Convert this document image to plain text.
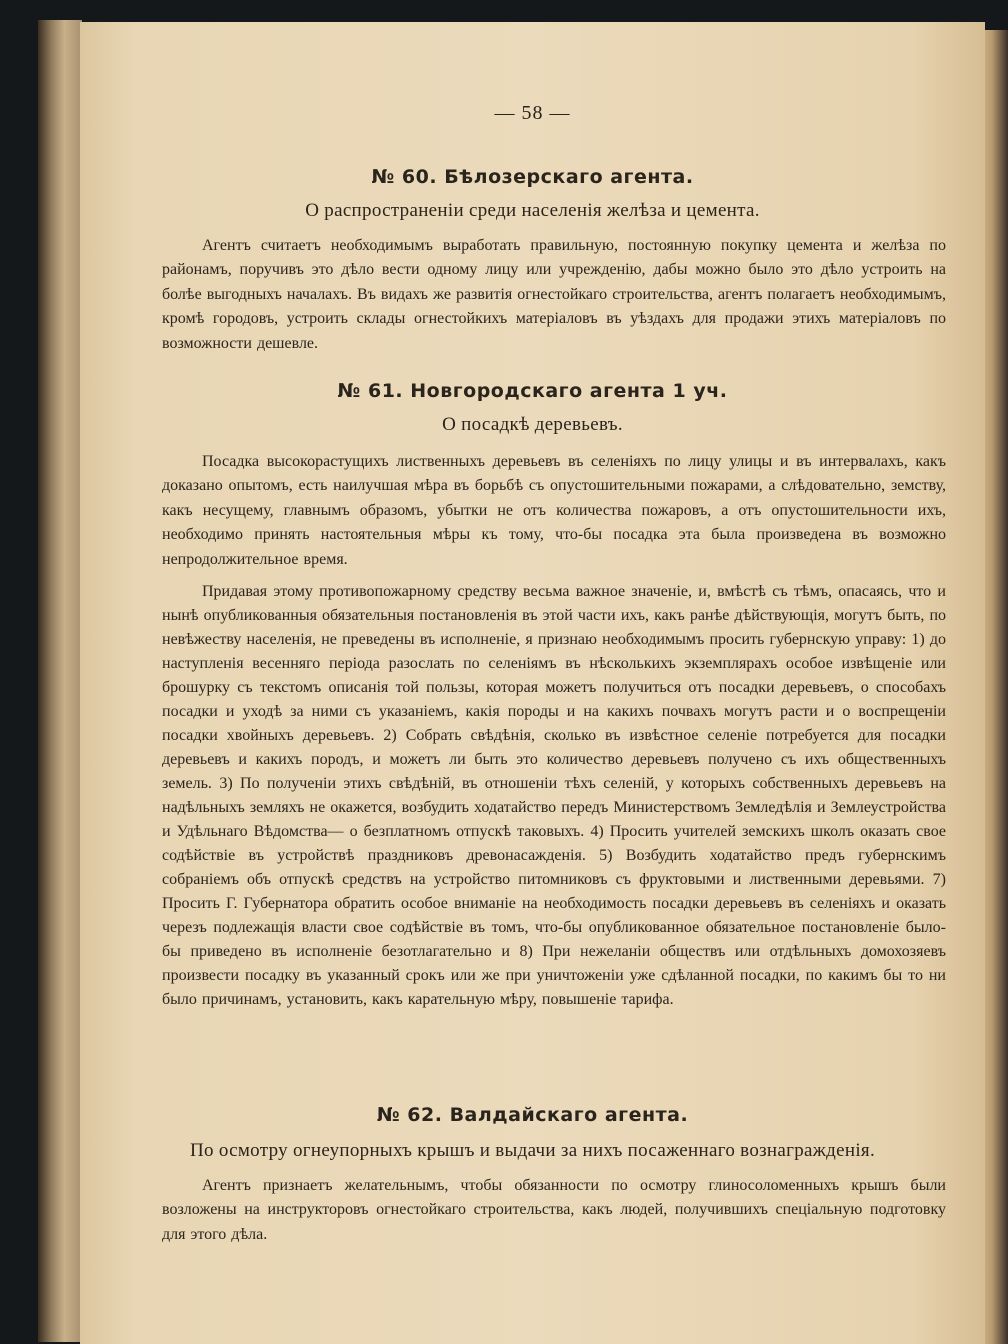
— 58 —
№ 60. Бѣлозерскаго агента.
О распространенiи среди населенiя желѣза и цемента.
Агентъ считаетъ необходимымъ выработать правильную, постоянную покупку цемента и желѣза по районамъ, поручивъ это дѣло вести одному лицу или учрежденiю, дабы можно было это дѣло устроить на болѣе выгодныхъ началахъ. Въ видахъ же развитiя огнестойкаго строительства, агентъ полагаетъ необходимымъ, кромѣ городовъ, устроить склады огнестойкихъ матерiаловъ въ уѣздахъ для продажи этихъ матерiаловъ по возможности дешевле.
№ 61. Новгородскаго агента 1 уч.
О посадкѣ деревьевъ.
Посадка высокорастущихъ лиственныхъ деревьевъ въ селенiяхъ по лицу улицы и въ интервалахъ, какъ доказано опытомъ, есть наилучшая мѣра въ борьбѣ съ опустошительными пожарами, а слѣдовательно, земству, какъ несущему, главнымъ образомъ, убытки не отъ количества пожаровъ, а отъ опустошительности ихъ, необходимо принять настоятельныя мѣры къ тому, что-бы посадка эта была произведена въ возможно непродолжительное время.
Придавая этому противопожарному средству весьма важное значенiе, и, вмѣстѣ съ тѣмъ, опасаясь, что и нынѣ опубликованныя обязательныя постановленiя въ этой части ихъ, какъ ранѣе дѣйствующiя, могутъ быть, по невѣжеству населенiя, не преведены въ исполненiе, я признаю необходимымъ просить губернскую управу: 1) до наступленiя весенняго перiода разослать по селенiямъ въ нѣсколькихъ экземплярахъ особое извѣщенiе или брошурку съ текстомъ описанiя той пользы, которая можетъ получиться отъ посадки деревьевъ, о способахъ посадки и уходѣ за ними съ указанiемъ, какiя породы и на какихъ почвахъ могутъ расти и о воспрещенiи посадки хвойныхъ деревьевъ. 2) Собрать свѣдѣнiя, сколько въ извѣстное селенiе потребуется для посадки деревьевъ и какихъ породъ, и можетъ ли быть это количество деревьевъ получено съ ихъ общественныхъ земель. 3) По полученiи этихъ свѣдѣнiй, въ отношенiи тѣхъ селенiй, у которыхъ собственныхъ деревьевъ на надѣльныхъ земляхъ не окажется, возбудить ходатайство передъ Министерствомъ Земледѣлiя и Землеустройства и Удѣльнаго Вѣдомства— о безплатномъ отпускѣ таковыхъ. 4) Просить учителей земскихъ школъ оказать свое содѣйствiе въ устройствѣ праздниковъ древонасажденiя. 5) Возбудить ходатайство предъ губернскимъ собранiемъ объ отпускѣ средствъ на устройство питомниковъ съ фруктовыми и лиственными деревьями. 7) Просить Г. Губернатора обратить особое вниманiе на необходимость посадки деревьевъ въ селенiяхъ и оказать черезъ подлежащiя власти свое содѣйствiе въ томъ, что-бы опубликованное обязательное постановленiе было-бы приведено въ исполненiе безотлагательно и 8) При нежеланiи обществъ или отдѣльныхъ домохозяевъ произвести посадку въ указанный срокъ или же при уничтоженiи уже сдѣланной посадки, по какимъ бы то ни было причинамъ, установить, какъ карательную мѣру, повышенiе тарифа.
№ 62. Валдайскаго агента.
По осмотру огнеупорныхъ крышъ и выдачи за нихъ посаженнаго вознагражденiя.
Агентъ признаетъ желательнымъ, чтобы обязанности по осмотру глиносоломенныхъ крышъ были возложены на инструкторовъ огнестойкаго строительства, какъ людей, получившихъ спецiальную подготовку для этого дѣла.
